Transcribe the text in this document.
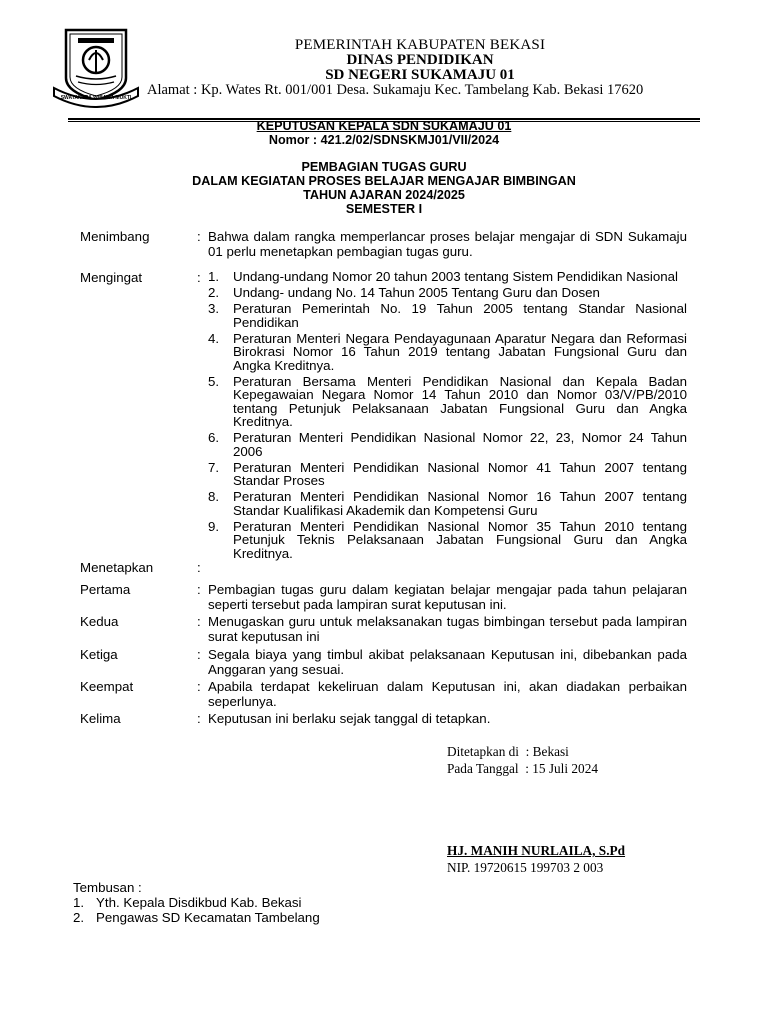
SWATANTRA WIBAWA MUKTI

PEMERINTAH KABUPATEN BEKASI

DINAS PENDIDIKAN

SD NEGERI SUKAMAJU 01

Alamat : Kp. Wates Rt. 001/001 Desa. Sukamaju Kec. Tambelang Kab. Bekasi 17620

KEPUTUSAN KEPALA SDN SUKAMAJU 01

Nomor : 421.2/02/SDNSKMJ01/VII/2024

PEMBAGIAN TUGAS GURU

DALAM KEGIATAN PROSES BELAJAR MENGAJAR BIMBINGAN

TAHUN AJARAN 2024/2025

SEMESTER I

Menimbang	: Bahwa dalam rangka memperlancar proses belajar mengajar di SDN Sukamaju 01 perlu menetapkan pembagian tugas guru.

Mengingat	: 1. Undang-undang Nomor 20 tahun 2003 tentang Sistem Pendidikan Nasional
2. Undang- undang No. 14 Tahun 2005 Tentang Guru dan Dosen
3. Peraturan Pemerintah No. 19 Tahun 2005 tentang Standar Nasional Pendidikan
4. Peraturan Menteri Negara Pendayagunaan Aparatur Negara dan Reformasi Birokrasi Nomor 16 Tahun 2019 tentang Jabatan Fungsional Guru dan Angka Kreditnya.
5. Peraturan Bersama Menteri Pendidikan Nasional dan Kepala Badan Kepegawaian Negara Nomor 14 Tahun 2010 dan Nomor 03/V/PB/2010 tentang Petunjuk Pelaksanaan Jabatan Fungsional Guru dan Angka Kreditnya.
6. Peraturan Menteri Pendidikan Nasional Nomor 22, 23, Nomor 24 Tahun 2006
7. Peraturan Menteri Pendidikan Nasional Nomor 41 Tahun 2007 tentang Standar Proses
8. Peraturan Menteri Pendidikan Nasional Nomor 16 Tahun 2007 tentang Standar Kualifikasi Akademik dan Kompetensi Guru
9. Peraturan Menteri Pendidikan Nasional Nomor 35 Tahun 2010 tentang Petunjuk Teknis Pelaksanaan Jabatan Fungsional Guru dan Angka Kreditnya.
Menetapkan	:
Pertama	: Pembagian tugas guru dalam kegiatan belajar mengajar pada tahun pelajaran seperti tersebut pada lampiran surat keputusan ini.

Kedua	: Menugaskan guru untuk melaksanakan tugas bimbingan tersebut pada lampiran surat keputusan ini

Ketiga	: Segala biaya yang timbul akibat pelaksanaan Keputusan ini, dibebankan pada Anggaran yang sesuai.

Keempat	: Apabila terdapat kekeliruan dalam Keputusan ini, akan diadakan perbaikan seperlunya.

Kelima	: Keputusan ini berlaku sejak tanggal di tetapkan.

Ditetapkan di  : Bekasi
Pada Tanggal  : 15 Juli 2024
HJ. MANIH NURLAILA, S.Pd
NIP. 19720615 199703 2 003
Tembusan :
1. Yth. Kepala Disdikbud Kab. Bekasi
2. Pengawas SD Kecamatan Tambelang
